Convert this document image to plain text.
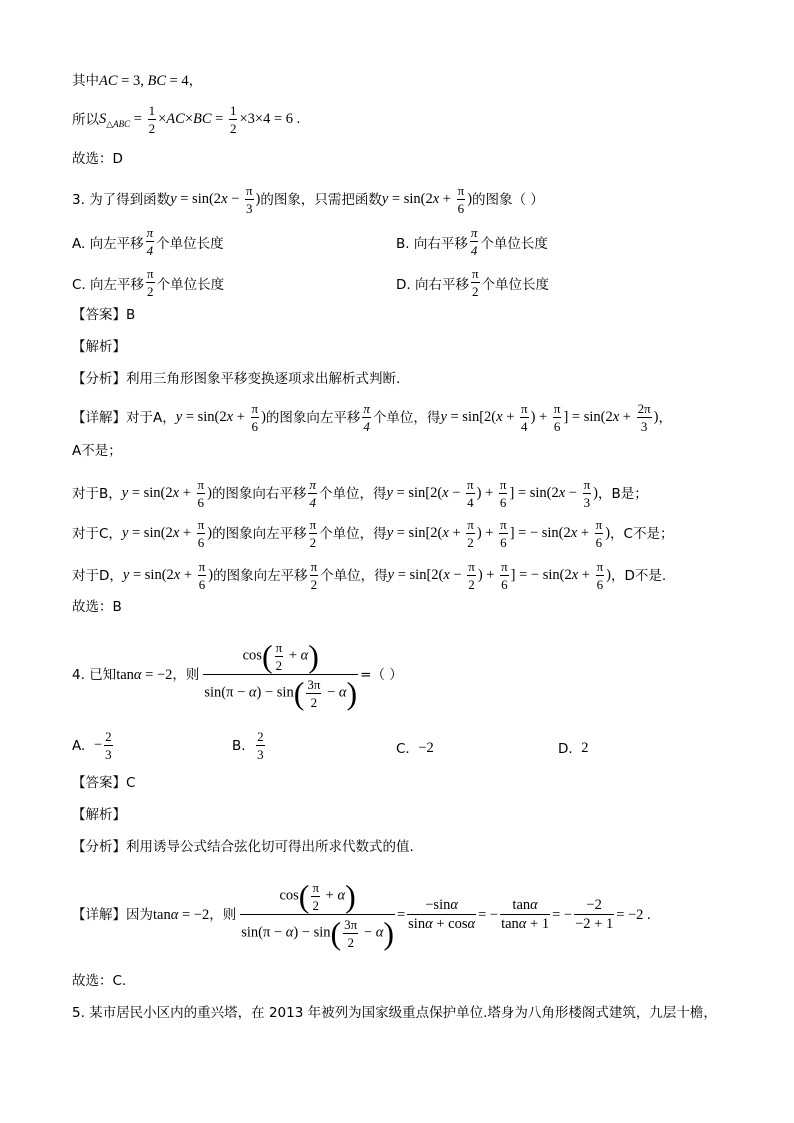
其中AC = 3, BC = 4，
所以 $S_{\triangle ABC} = \frac{1}{2} \times AC\times BC = \frac{1}{2} \times 3\times 4 = 6$ .
故选：D
3.
为了得到函数 $y = \sin(2x - \frac{\pi}{3}$ ) 的图象，只需把函数 $y = \sin(2x + \frac{\pi}{6}$ ) 的图象（ ）
A. 向左平移 $\frac{\pi}{4}$ 个单位长度	B. 向右平移 $\frac{\pi}{4}$ 个单位长度
C. 向左平移 $\frac{\pi}{2}$ 个单位长度	D. 向右平移 $\frac{\pi}{2}$ 个单位长度
【答案】B
【解析】
【分析】利用三角形图象平移变换逐项求出解析式判断.
【详解】 对于A， $y = \sin(2x + \frac{\pi}{6}$ ) 的图象向左平移 $\frac{\pi}{4}$ 个单位，得 $y = \sin[2(x + \frac{\pi}{4}$ ) + $\frac{\pi}{6}$ ] = $\sin(2x + \frac{2\pi}{3}$ ) ，
A不是；
对于B， $y = \sin(2x + \frac{\pi}{6}$ ) 的图象向右平移 $\frac{\pi}{4}$ 个单位，得 $y = \sin[2(x - \frac{\pi}{4}$ ) + $\frac{\pi}{6}$ ] = $\sin(2x - \frac{\pi}{3}$ ) ，B是；
对于C， $y = \sin(2x + \frac{\pi}{6}$ ) 的图象向左平移 $\frac{\pi}{2}$ 个单位，得 $y = \sin[2(x + \frac{\pi}{2}$ ) + $\frac{\pi}{6}$ ] = − $\sin(2x + \frac{\pi}{6}$ ) ，C不是；
对于D， $y = \sin(2x + \frac{\pi}{6}$ ) 的图象向左平移 $\frac{\pi}{2}$ 个单位，得 $y = \sin[2(x - \frac{\pi}{2}$ ) + $\frac{\pi}{6}$ ] = − $\sin(2x + \frac{\pi}{6}$ ) ，D不是.
故选：B
4.
已知 tanα = −2 ，则 $\frac{\cos( \frac{\pi}{2} + \alpha)}{\sin(\pi - \alpha) - \sin( \frac{3\pi}{2} - \alpha)}$ =（ ）
A.
− $\frac{2}{3}$	B.
$\frac{2}{3}$	C.
−2	D.
2
【答案】C
【解析】
【分析】利用诱导公式结合弦化切可得出所求代数式的值.
【详解】 因为 tanα = −2 ，则 $\frac{\cos( \frac{\pi}{2} + \alpha)}{\sin(\pi - \alpha) - \sin( \frac{3\pi}{2} - \alpha)} = \frac{-\sin\alpha}{\sin\alpha + \cos\alpha}$ = − $\frac{\tan\alpha}{\tan\alpha + 1}$ = − $\frac{-2}{-2 + 1} = -2$ .
故选：C.
5. 某市居民小区内的重兴塔，在 2013 年被列为国家级重点保护单位.塔身为八角形楼阁式建筑，九层十檐，
